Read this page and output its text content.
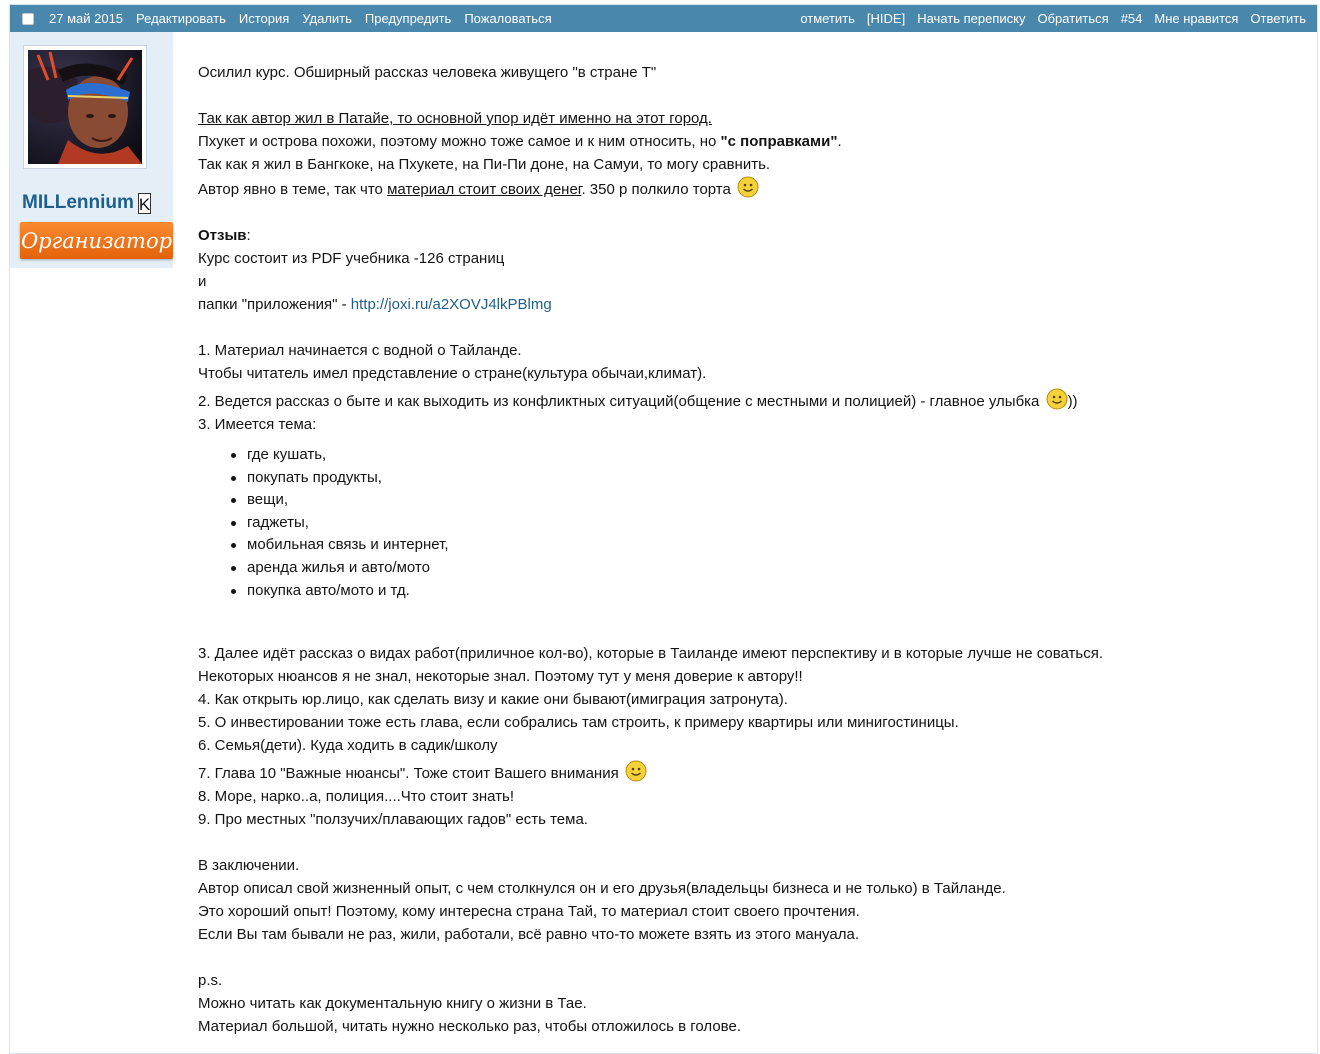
27 май 2015 Редактировать История Удалить Предупредить Пожаловаться	отметить [HIDE] Начать переписку Обратиться #54 Мне нравится Ответить
MILLennium K
Организатор

Осилил курс. Обширный рассказ человека живущего "в стране Т"

Так как автор жил в Патайе, то основной упор идёт именно на этот город.

Пхукет и острова похожи, поэтому можно тоже самое и к ним относить, но "с поправками".

Так как я жил в Бангкоке, на Пхукете, на Пи-Пи доне, на Самуи, то могу сравнить.

Автор явно в теме, так что материал стоит своих денег. 350 р полкило торта

Отзыв:

Курс состоит из PDF учебника -126 страниц

и

папки "приложения" - http://joxi.ru/a2XOVJ4lkPBlmg

1. Материал начинается с водной о Тайланде.

Чтобы читатель имел представление о стране(культура обычаи,климат).

2. Ведется рассказ о быте и как выходить из конфликтных ситуаций(общение с местными и полицией) - главное улыбка ))

3. Имеется тема:

где кушать,
покупать продукты,
вещи,
гаджеты,
мобильная связь и интернет,
аренда жилья и авто/мото
покупка авто/мото и тд.

3. Далее идёт рассказ о видах работ(приличное кол-во), которые в Таиланде имеют перспективу и в которые лучше не соваться.

Некоторых нюансов я не знал, некоторые знал. Поэтому тут у меня доверие к автору!!

4. Как открыть юр.лицо, как сделать визу и какие они бывают(имиграция затронута).

5. О инвестировании тоже есть глава, если собрались там строить, к примеру квартиры или минигостиницы.

6. Семья(дети). Куда ходить в садик/школу

7. Глава 10 "Важные нюансы". Тоже стоит Вашего внимания

8. Море, нарко..а, полиция....Что стоит знать!

9. Про местных "ползучих/плавающих гадов" есть тема.

В заключении.

Автор описал свой жизненный опыт, с чем столкнулся он и его друзья(владельцы бизнеса и не только) в Тайланде.

Это хороший опыт! Поэтому, кому интересна страна Тай, то материал стоит своего прочтения.

Если Вы там бывали не раз, жили, работали, всё равно что-то можете взять из этого мануала.

p.s.

Можно читать как документальную книгу о жизни в Тае.

Материал большой, читать нужно несколько раз, чтобы отложилось в голове.
